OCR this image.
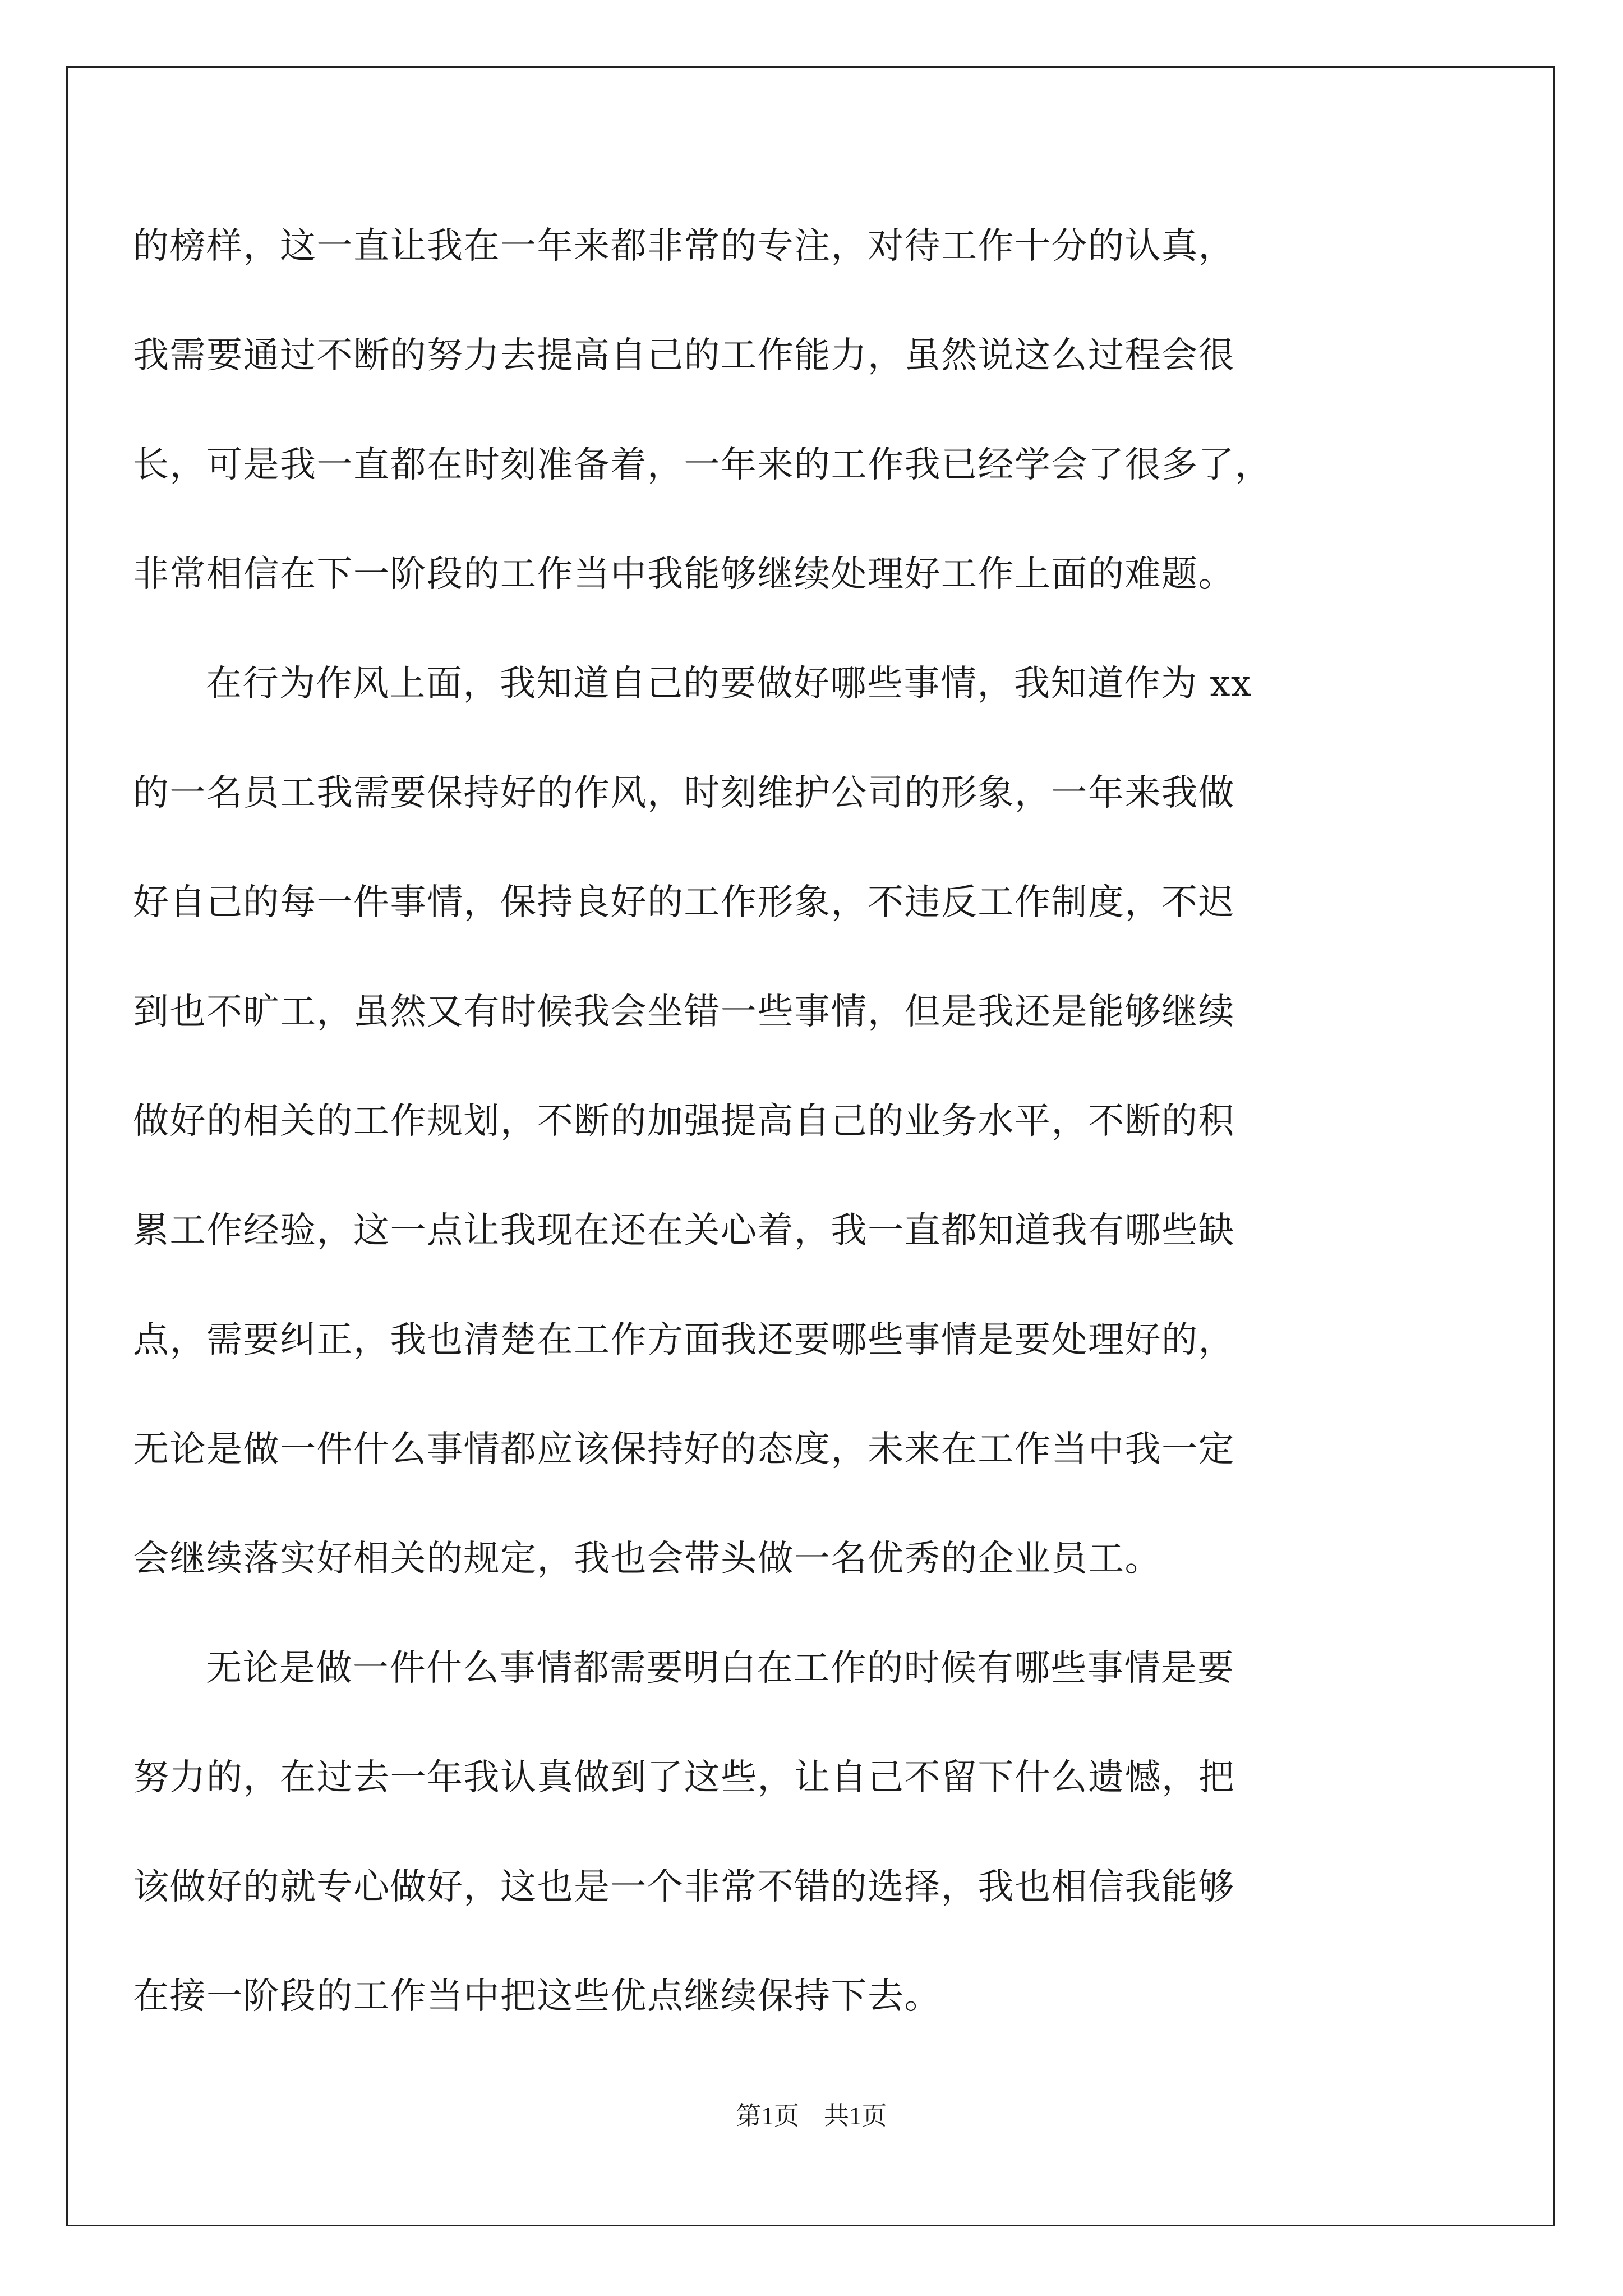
的榜样，这一直让我在一年来都非常的专注，对待工作十分的认真，
我需要通过不断的努力去提高自己的工作能力，虽然说这么过程会很
长，可是我一直都在时刻准备着，一年来的工作我已经学会了很多了，
非常相信在下一阶段的工作当中我能够继续处理好工作上面的难题。
在行为作风上面，我知道自己的要做好哪些事情，我知道作为 xx
的一名员工我需要保持好的作风，时刻维护公司的形象，一年来我做
好自己的每一件事情，保持良好的工作形象，不违反工作制度，不迟
到也不旷工，虽然又有时候我会坐错一些事情，但是我还是能够继续
做好的相关的工作规划，不断的加强提高自己的业务水平，不断的积
累工作经验，这一点让我现在还在关心着，我一直都知道我有哪些缺
点，需要纠正，我也清楚在工作方面我还要哪些事情是要处理好的，
无论是做一件什么事情都应该保持好的态度，未来在工作当中我一定
会继续落实好相关的规定，我也会带头做一名优秀的企业员工。
无论是做一件什么事情都需要明白在工作的时候有哪些事情是要
努力的，在过去一年我认真做到了这些，让自己不留下什么遗憾，把
该做好的就专心做好，这也是一个非常不错的选择，我也相信我能够
在接一阶段的工作当中把这些优点继续保持下去。
第1页 共1页
